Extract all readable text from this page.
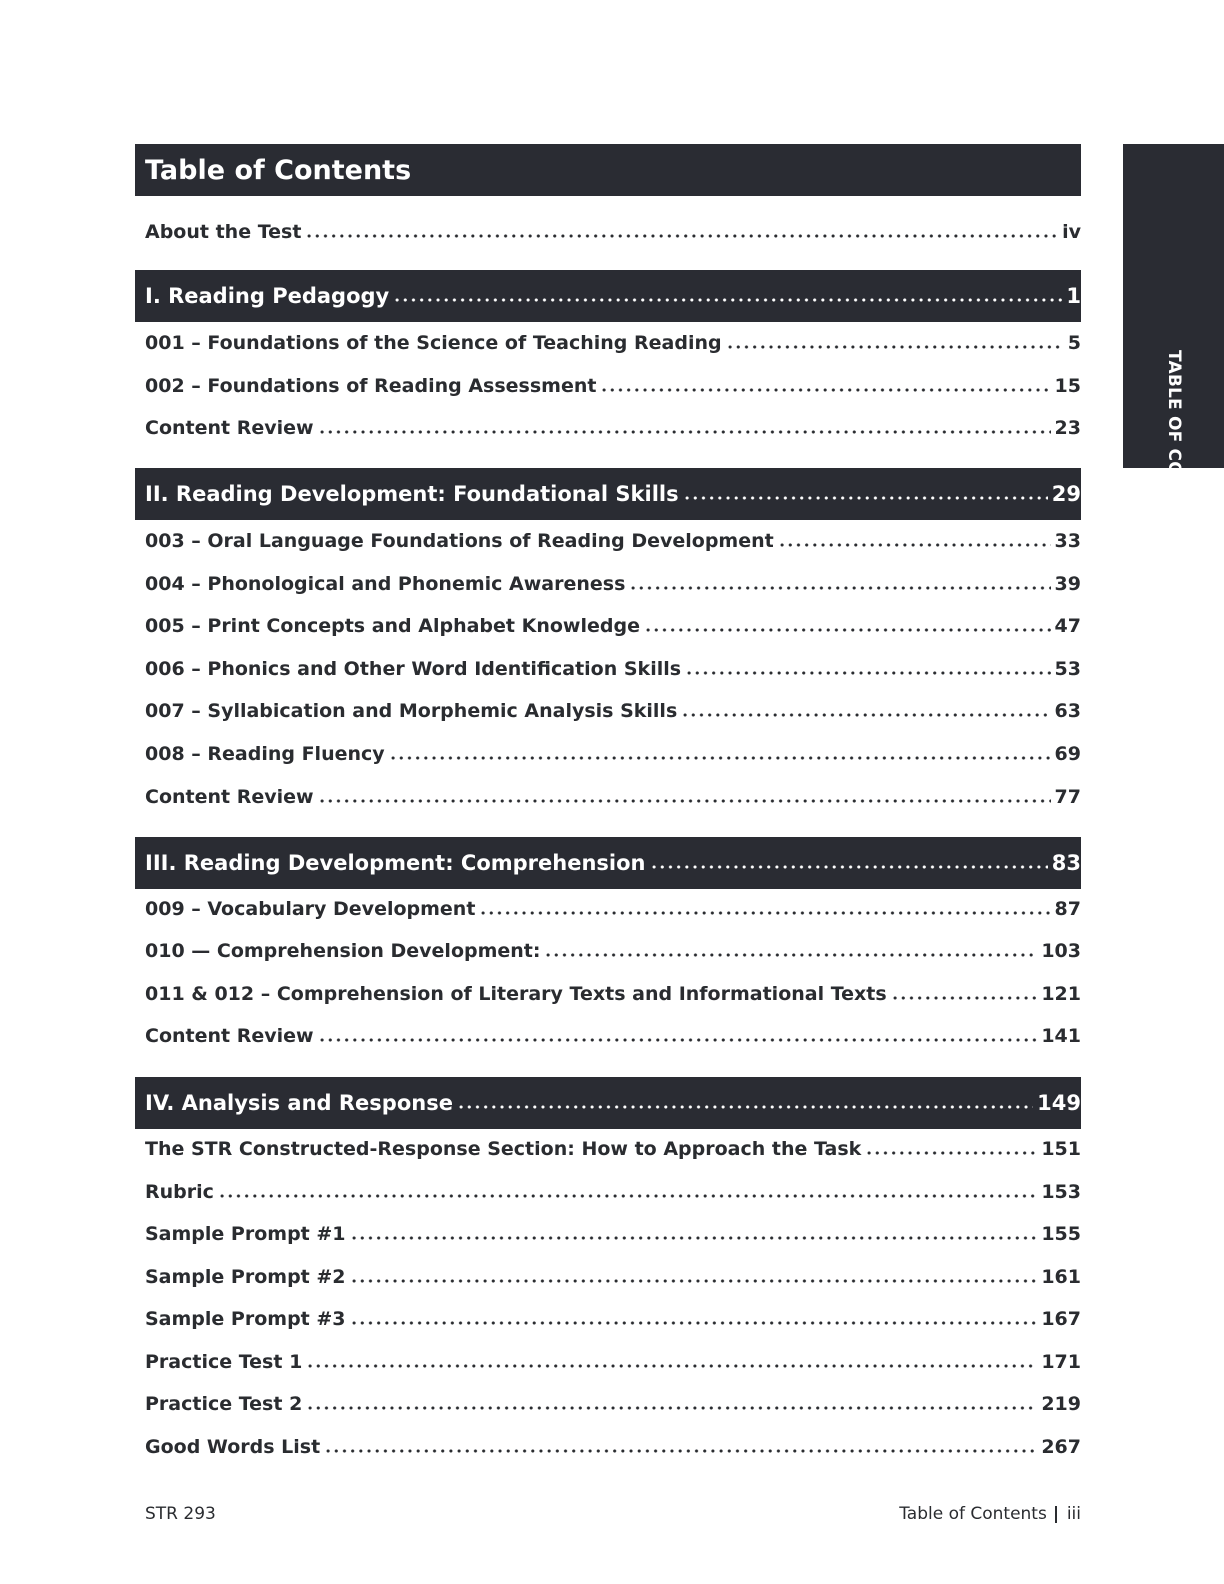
Table of Contents
TABLE OF CONTENTS
About the Test	iv
I. Reading Pedagogy	1
001 – Foundations of the Science of Teaching Reading	5
002 – Foundations of Reading Assessment	15
Content Review	23
II. Reading Development: Foundational Skills	29
003 – Oral Language Foundations of Reading Development	33
004 – Phonological and Phonemic Awareness	39
005 – Print Concepts and Alphabet Knowledge	47
006 – Phonics and Other Word Identification Skills	53
007 – Syllabication and Morphemic Analysis Skills	63
008 – Reading Fluency	69
Content Review	77
III. Reading Development: Comprehension	83
009 – Vocabulary Development	87
010 — Comprehension Development:	103
011 & 012 – Comprehension of Literary Texts and Informational Texts	121
Content Review	141
IV. Analysis and Response	149
The STR Constructed-Response Section: How to Approach the Task	151
Rubric	153
Sample Prompt #1	155
Sample Prompt #2	161
Sample Prompt #3	167
Practice Test 1	171
Practice Test 2	219
Good Words List	267
STR 293	Table of Contents iii
